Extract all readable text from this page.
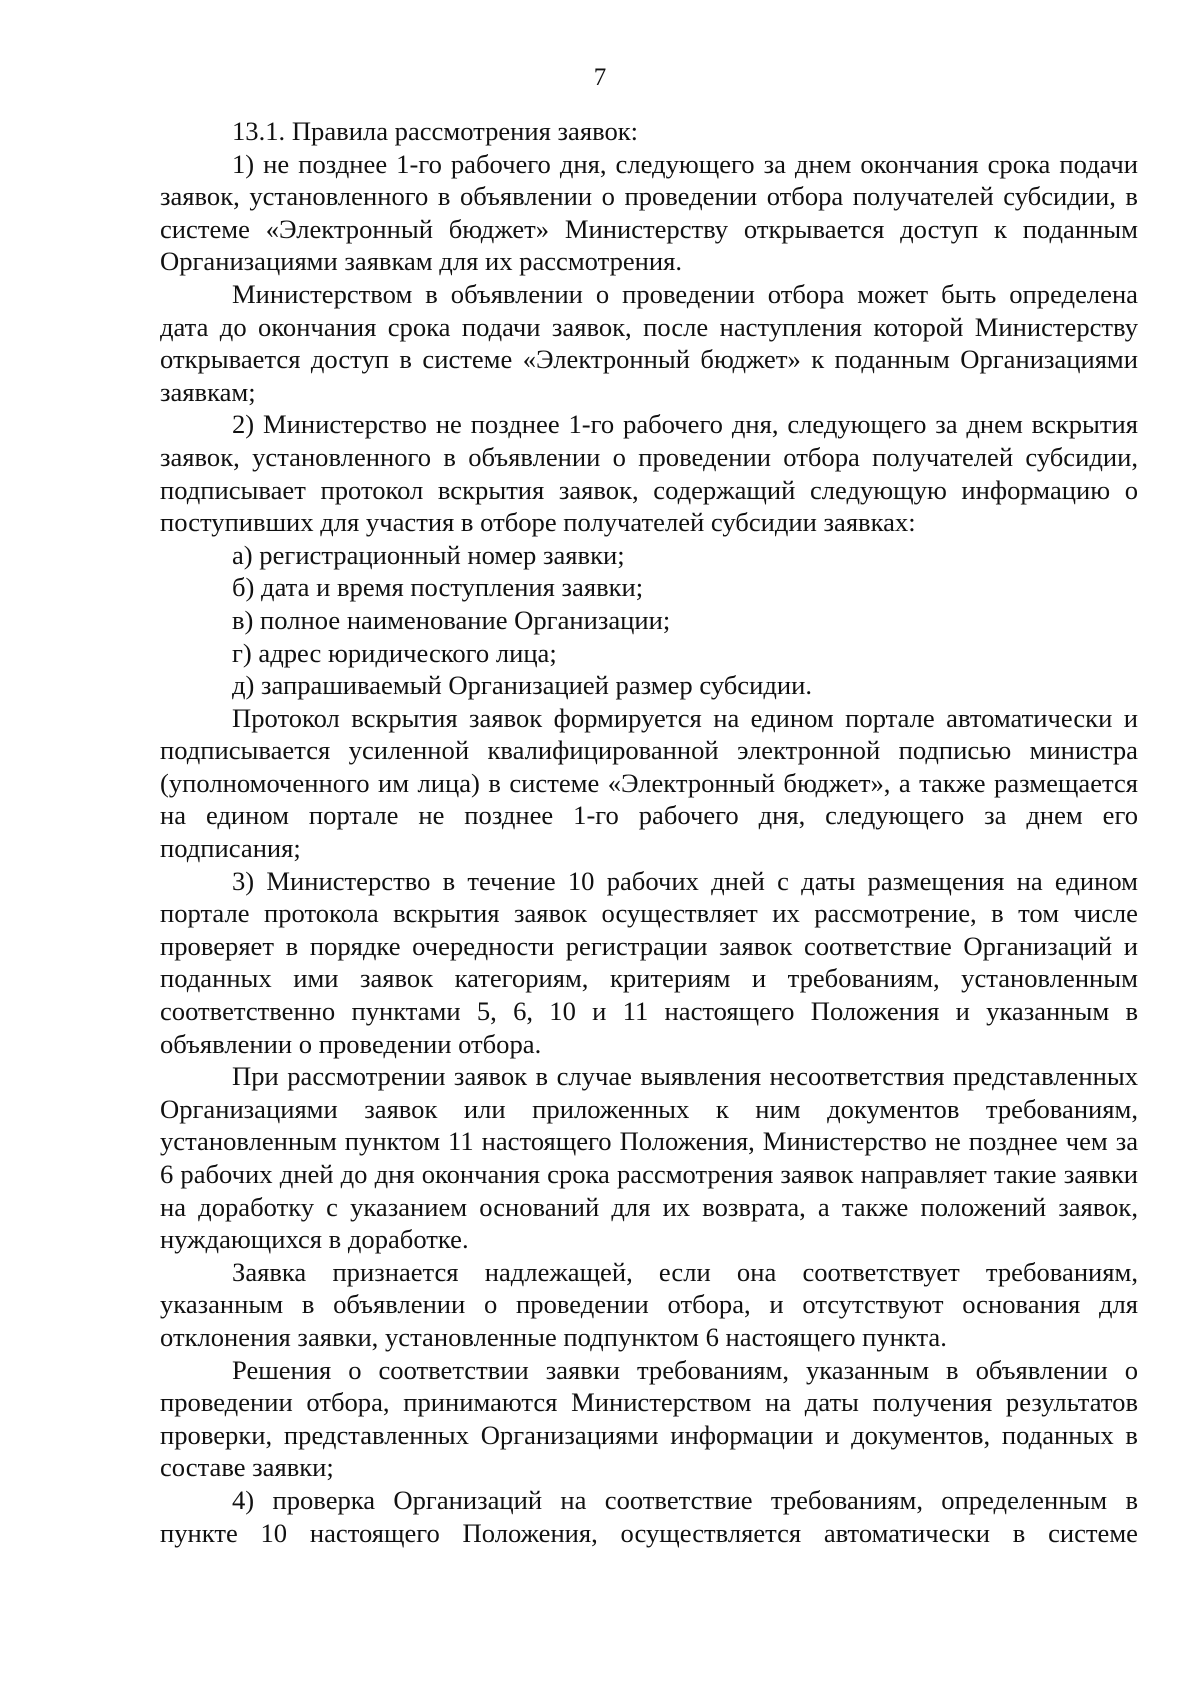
7

13.1. Правила рассмотрения заявок:

1) не позднее 1-го рабочего дня, следующего за днем окончания срока подачи заявок, установленного в объявлении о проведении отбора получателей субсидии, в системе «Электронный бюджет» Министерству открывается доступ к поданным Организациями заявкам для их рассмотрения.

Министерством в объявлении о проведении отбора может быть определена дата до окончания срока подачи заявок, после наступления которой Министерству открывается доступ в системе «Электронный бюджет» к поданным Организациями заявкам;

2) Министерство не позднее 1-го рабочего дня, следующего за днем вскрытия заявок, установленного в объявлении о проведении отбора получателей субсидии, подписывает протокол вскрытия заявок, содержащий следующую информацию о поступивших для участия в отборе получателей субсидии заявках:

а) регистрационный номер заявки;

б) дата и время поступления заявки;

в) полное наименование Организации;

г) адрес юридического лица;

д) запрашиваемый Организацией размер субсидии.

Протокол вскрытия заявок формируется на едином портале автоматически и подписывается усиленной квалифицированной электронной подписью министра (уполномоченного им лица) в системе «Электронный бюджет», а также размещается на едином портале не позднее 1-го рабочего дня, следующего за днем его подписания;

3) Министерство в течение 10 рабочих дней с даты размещения на едином портале протокола вскрытия заявок осуществляет их рассмотрение, в том числе проверяет в порядке очередности регистрации заявок соответствие Организаций и поданных ими заявок категориям, критериям и требованиям, установленным соответственно пунктами 5, 6, 10 и 11 настоящего Положения и указанным в объявлении о проведении отбора.

При рассмотрении заявок в случае выявления несоответствия представленных Организациями заявок или приложенных к ним документов требованиям, установленным пунктом 11 настоящего Положения, Министерство не позднее чем за 6 рабочих дней до дня окончания срока рассмотрения заявок направляет такие заявки на доработку с указанием оснований для их возврата, а также положений заявок, нуждающихся в доработке.

Заявка признается надлежащей, если она соответствует требованиям, указанным в объявлении о проведении отбора, и отсутствуют основания для отклонения заявки, установленные подпунктом 6 настоящего пункта.

Решения о соответствии заявки требованиям, указанным в объявлении о проведении отбора, принимаются Министерством на даты получения результатов проверки, представленных Организациями информации и документов, поданных в составе заявки;

4) проверка Организаций на соответствие требованиям, определенным в пункте 10 настоящего Положения, осуществляется автоматически в системе
